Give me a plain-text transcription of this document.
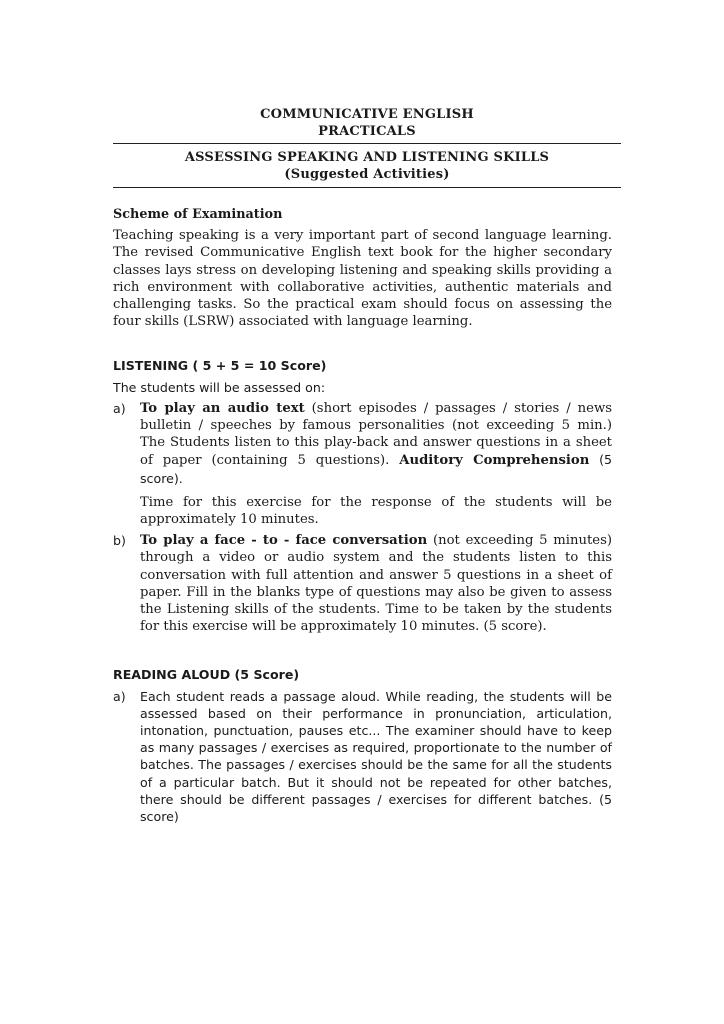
COMMUNICATIVE ENGLISH
PRACTICALS
ASSESSING SPEAKING AND LISTENING SKILLS
(Suggested Activities)
Scheme of Examination

Teaching speaking is a very important part of second language learning. The revised Communicative English text book for the higher secondary classes lays stress on developing listening and speaking skills providing a rich environment with collaborative activities, authentic materials and challenging tasks. So the practical exam should focus on assessing the four skills (LSRW) associated with language learning.

LISTENING ( 5 + 5 = 10 Score)
The students will be assessed on:
a)	To play an audio text (short episodes / passages / stories / news bulletin / speeches by famous personalities (not exceeding 5 min.) The Students listen to this play-back and answer questions in a sheet of paper (containing 5 questions). Auditory Comprehension (5 score).

Time for this exercise for the response of the students will be approximately 10 minutes.

b)	To play a face - to - face conversation (not exceeding 5 minutes) through a video or audio system and the students listen to this conversation with full attention and answer 5 questions in a sheet of paper. Fill in the blanks type of questions may also be given to assess the Listening skills of the students. Time to be taken by the students for this exercise will be approximately 10 minutes. (5 score).

READING ALOUD (5 Score)
a)	Each student reads a passage aloud. While reading, the students will be assessed based on their performance in pronunciation, articulation, intonation, punctuation, pauses etc... The examiner should have to keep as many passages / exercises as required, proportionate to the number of batches. The passages / exercises should be the same for all the students of a particular batch. But it should not be repeated for other batches, there should be different passages / exercises for different batches. (5 score)
